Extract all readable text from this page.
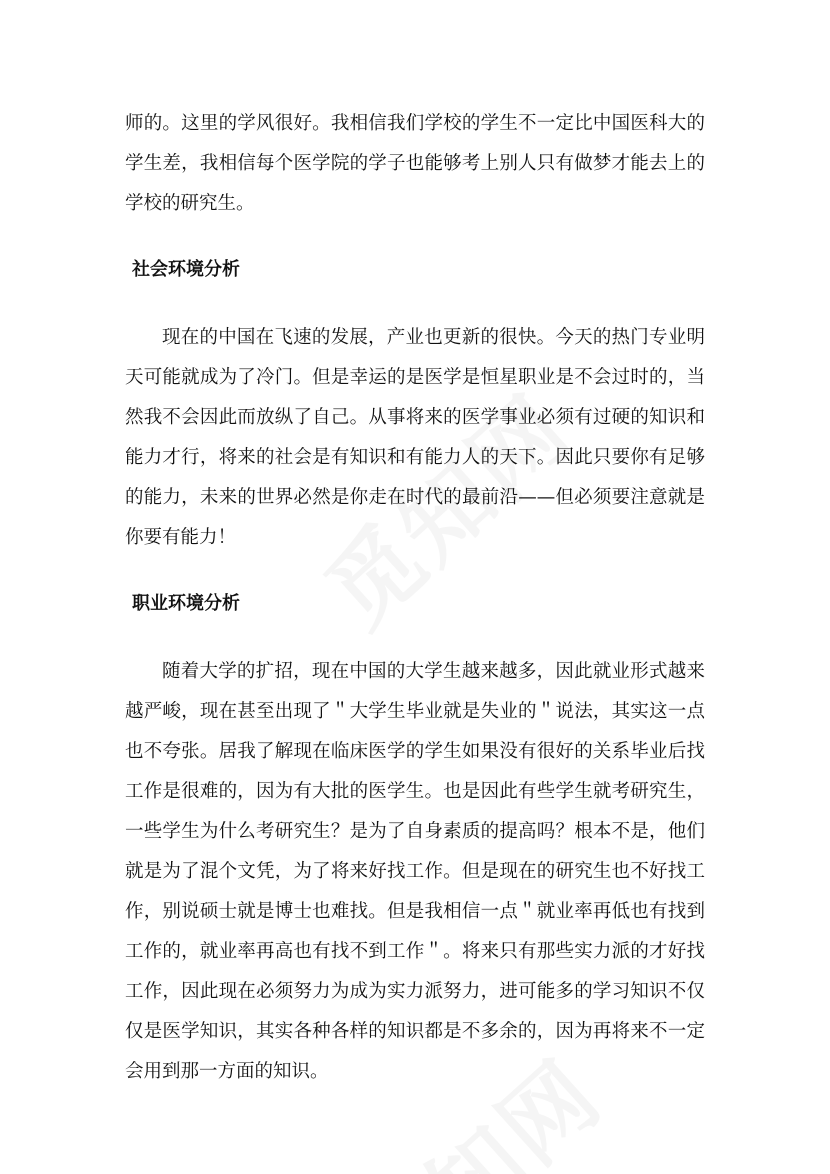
师的。这里的学风很好。我相信我们学校的学生不一定比中国医科大的学生差，我相信每个医学院的学子也能够考上别人只有做梦才能去上的学校的研究生。

社会环境分析

现在的中国在飞速的发展，产业也更新的很快。今天的热门专业明天可能就成为了冷门。但是幸运的是医学是恒星职业是不会过时的，当然我不会因此而放纵了自己。从事将来的医学事业必须有过硬的知识和能力才行，将来的社会是有知识和有能力人的天下。因此只要你有足够的能力，未来的世界必然是你走在时代的最前沿——但必须要注意就是你要有能力！

职业环境分析

随着大学的扩招，现在中国的大学生越来越多，因此就业形式越来越严峻，现在甚至出现了＂大学生毕业就是失业的＂说法，其实这一点也不夸张。居我了解现在临床医学的学生如果没有很好的关系毕业后找工作是很难的，因为有大批的医学生。也是因此有些学生就考研究生，一些学生为什么考研究生？是为了自身素质的提高吗？根本不是，他们就是为了混个文凭，为了将来好找工作。但是现在的研究生也不好找工作，别说硕士就是博士也难找。但是我相信一点＂就业率再低也有找到工作的，就业率再高也有找不到工作＂。将来只有那些实力派的才好找工作，因此现在必须努力为成为实力派努力，进可能多的学习知识不仅仅是医学知识，其实各种各样的知识都是不多余的，因为再将来不一定会用到那一方面的知识。
